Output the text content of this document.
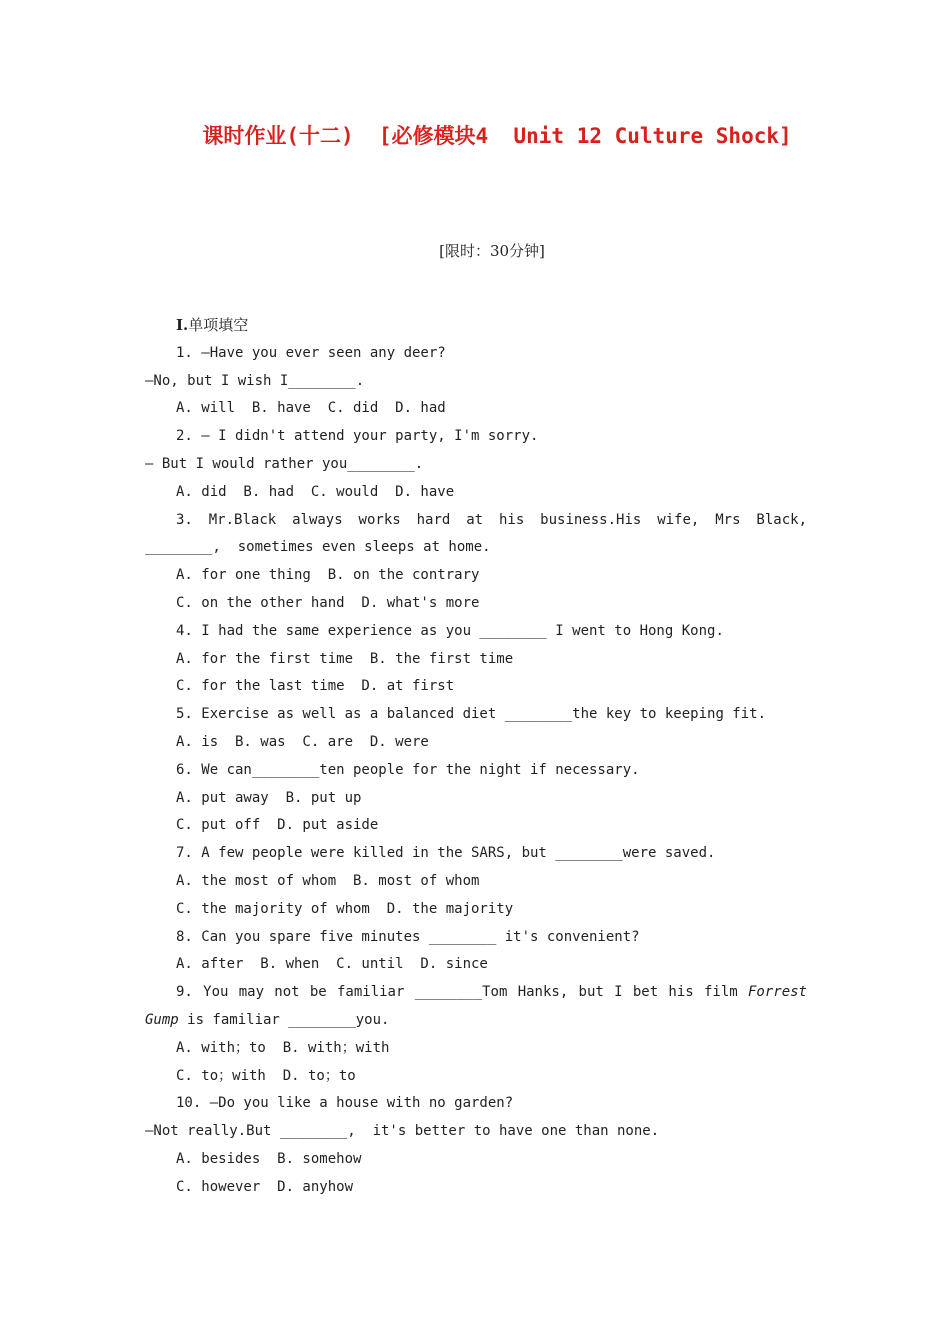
课时作业(十二)  [必修模块4  Unit 12 Culture Shock]
[限时：30分钟]
Ⅰ.单项填空
1. —Have you ever seen any deer?
—No, but I wish I________.
A. will  B. have  C. did  D. had
2. — I didn't attend your party, I'm sorry.
— But I would rather you________.
A. did  B. had  C. would  D. have
3. Mr.Black always works hard at his business.His wife, Mrs Black,
________,  sometimes even sleeps at home.
A. for one thing  B. on the contrary
C. on the other hand  D. what's more
4. I had the same experience as you ________ I went to Hong Kong.
A. for the first time  B. the first time
C. for the last time  D. at first
5. Exercise as well as a balanced diet ________the key to keeping fit.
A. is  B. was  C. are  D. were
6. We can________ten people for the night if necessary.
A. put away  B. put up
C. put off  D. put aside
7. A few people were killed in the SARS, but ________were saved.
A. the most of whom  B. most of whom
C. the majority of whom  D. the majority
8. Can you spare five minutes ________ it's convenient?
A. after  B. when  C. until  D. since
9. You may not be familiar ________Tom Hanks, but I bet his film Forrest
Gump is familiar ________you.
A. with；to  B. with；with
C. to；with  D. to；to
10. —Do you like a house with no garden?
—Not really.But ________,  it's better to have one than none.
A. besides  B. somehow
C. however  D. anyhow
